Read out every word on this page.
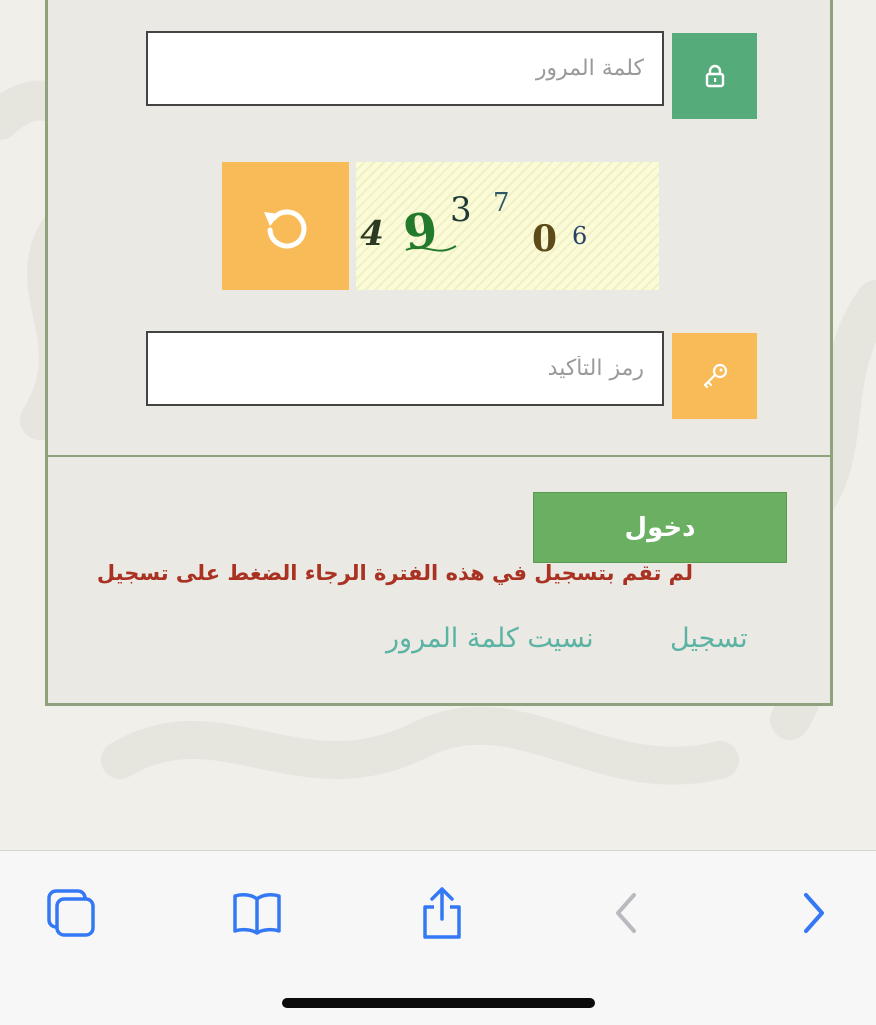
4 9 3 7
0 6
رمز التأكيد
دخول
لم تقم بتسجيل في هذه الفترة الرجاء الضغط على تسجيل
تسجيل
نسيت كلمة المرور
